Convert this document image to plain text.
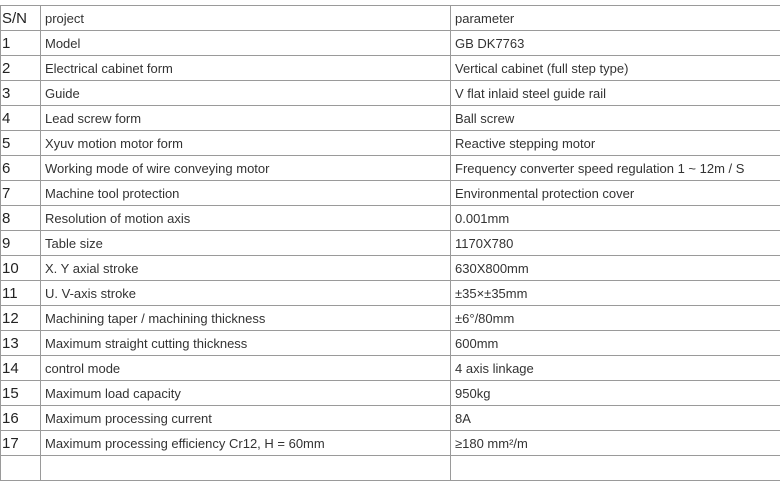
S/N	project	parameter
1	Model	GB DK7763
2	Electrical cabinet form	Vertical cabinet (full step type)
3	Guide	V flat inlaid steel guide rail
4	Lead screw form	Ball screw
5	Xyuv motion motor form	Reactive stepping motor
6	Working mode of wire conveying motor	Frequency converter speed regulation 1 ~ 12m / S
7	Machine tool protection	Environmental protection cover
8	Resolution of motion axis	0.001mm
9	Table size	1170X780
10	X. Y axial stroke	630X800mm
11	U. V-axis stroke	±35×±35mm
12	Machining taper / machining thickness	±6°/80mm
13	Maximum straight cutting thickness	600mm
14	control mode	4 axis linkage
15	Maximum load capacity	950kg
16	Maximum processing current	8A
17	Maximum processing efficiency Cr12, H = 60mm	≥180 mm²/m
